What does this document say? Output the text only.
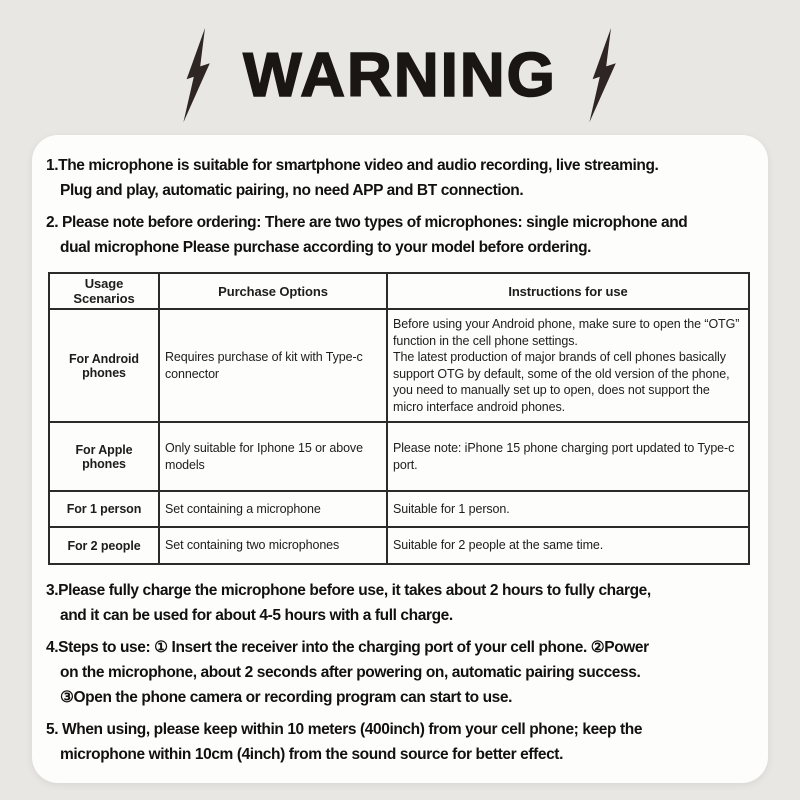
WARNING
1.The microphone is suitable for smartphone video and audio recording, live streaming.
Plug and play, automatic pairing, no need APP and BT connection.
2. Please note before ordering: There are two types of microphones: single microphone and
dual microphone Please purchase according to your model before ordering.
Usage Scenarios	Purchase Options	Instructions for use
For Android phones	Requires purchase of kit with Type-c connector	Before using your Android phone, make sure to open the “OTG” function in the cell phone settings.
The latest production of major brands of cell phones basically support OTG by default, some of the old version of the phone, you need to manually set up to open, does not support the micro interface android phones.

For Apple phones	Only suitable for Iphone 15 or above models	Please note: iPhone 15 phone charging port updated to Type-c port.

For 1 person	Set containing a microphone	Suitable for 1 person.

For 2 people	Set containing two microphones	Suitable for 2 people at the same time.
3.Please fully charge the microphone before use, it takes about 2 hours to fully charge,
and it can be used for about 4-5 hours with a full charge.
4.Steps to use: ① Insert the receiver into the charging port of your cell phone. ②Power
on the microphone, about 2 seconds after powering on, automatic pairing success.
③Open the phone camera or recording program can start to use.
5. When using, please keep within 10 meters (400inch) from your cell phone; keep the
microphone within 10cm (4inch) from the sound source for better effect.
